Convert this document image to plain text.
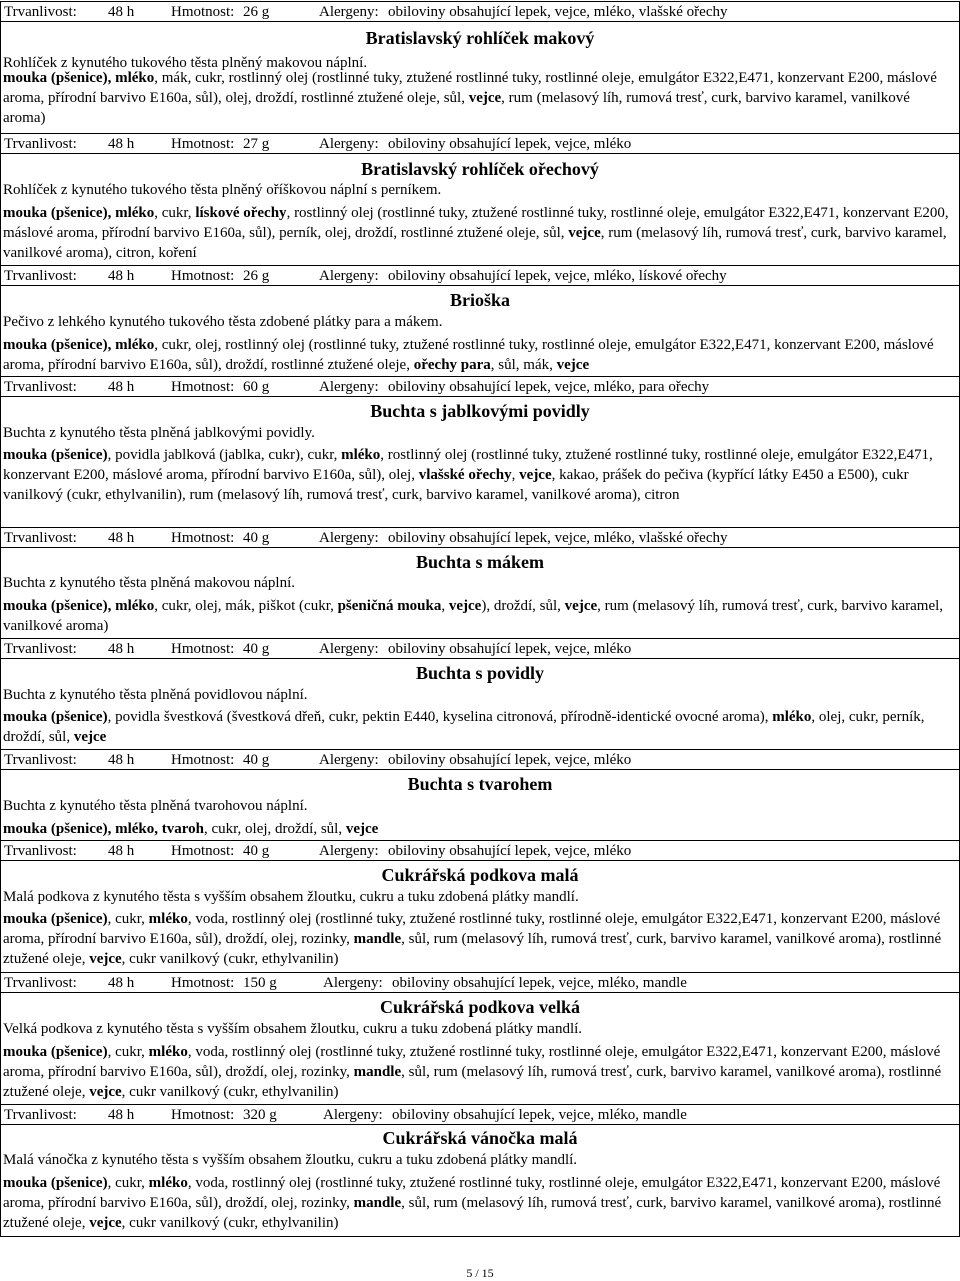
Trvanlivost: 48 h Hmotnost: 26 g	Alergeny: obiloviny obsahující lepek, vejce, mléko, vlašské ořechy
Bratislavský rohlíček makový
Rohlíček z kynutého tukového těsta plněný makovou náplní.
mouka (pšenice), mléko, mák, cukr, rostlinný olej (rostlinné tuky, ztužené rostlinné tuky, rostlinné oleje, emulgátor E322,E471, konzervant E200, máslové aroma, přírodní barvivo E160a, sůl), olej, droždí, rostlinné ztužené oleje, sůl, vejce, rum (melasový líh, rumová tresť, curk, barvivo karamel, vanilkové aroma)
Trvanlivost: 48 h Hmotnost: 27 g	Alergeny: obiloviny obsahující lepek, vejce, mléko
Bratislavský rohlíček ořechový
Rohlíček z kynutého tukového těsta plněný oříškovou náplní s perníkem.
mouka (pšenice), mléko, cukr, lískové ořechy, rostlinný olej (rostlinné tuky, ztužené rostlinné tuky, rostlinné oleje, emulgátor E322,E471, konzervant E200, máslové aroma, přírodní barvivo E160a, sůl), perník, olej, droždí, rostlinné ztužené oleje, sůl, vejce, rum (melasový líh, rumová tresť, curk, barvivo karamel, vanilkové aroma), citron, koření
Trvanlivost: 48 h Hmotnost: 26 g	Alergeny: obiloviny obsahující lepek, vejce, mléko, lískové ořechy
Brioška
Pečivo z lehkého kynutého tukového těsta zdobené plátky para a mákem.
mouka (pšenice), mléko, cukr, olej, rostlinný olej (rostlinné tuky, ztužené rostlinné tuky, rostlinné oleje, emulgátor E322,E471, konzervant E200, máslové aroma, přírodní barvivo E160a, sůl), droždí, rostlinné ztužené oleje, ořechy para, sůl, mák, vejce
Trvanlivost: 48 h Hmotnost: 60 g	Alergeny: obiloviny obsahující lepek, vejce, mléko, para ořechy
Buchta s jablkovými povidly
Buchta z kynutého těsta plněná jablkovými povidly.
mouka (pšenice), povidla jablková (jablka, cukr), cukr, mléko, rostlinný olej (rostlinné tuky, ztužené rostlinné tuky, rostlinné oleje, emulgátor E322,E471, konzervant E200, máslové aroma, přírodní barvivo E160a, sůl), olej, vlašské ořechy, vejce, kakao, prášek do pečiva (kypřící látky E450 a E500), cukr vanilkový (cukr, ethylvanilin), rum (melasový líh, rumová tresť, curk, barvivo karamel, vanilkové aroma), citron
Trvanlivost: 48 h Hmotnost: 40 g	Alergeny: obiloviny obsahující lepek, vejce, mléko, vlašské ořechy
Buchta s mákem
Buchta z kynutého těsta plněná makovou náplní.
mouka (pšenice), mléko, cukr, olej, mák, piškot (cukr, pšeničná mouka, vejce), droždí, sůl, vejce, rum (melasový líh, rumová tresť, curk, barvivo karamel, vanilkové aroma)
Trvanlivost: 48 h Hmotnost: 40 g	Alergeny: obiloviny obsahující lepek, vejce, mléko
Buchta s povidly
Buchta z kynutého těsta plněná povidlovou náplní.
mouka (pšenice), povidla švestková (švestková dřeň, cukr, pektin E440, kyselina citronová, přírodně-identické ovocné aroma), mléko, olej, cukr, perník, droždí, sůl, vejce
Trvanlivost: 48 h Hmotnost: 40 g	Alergeny: obiloviny obsahující lepek, vejce, mléko
Buchta s tvarohem
Buchta z kynutého těsta plněná tvarohovou náplní.
mouka (pšenice), mléko, tvaroh, cukr, olej, droždí, sůl, vejce
Trvanlivost: 48 h Hmotnost: 40 g	Alergeny: obiloviny obsahující lepek, vejce, mléko
Cukrářská podkova malá
Malá podkova z kynutého těsta s vyšším obsahem žloutku, cukru a tuku zdobená plátky mandlí.
mouka (pšenice), cukr, mléko, voda, rostlinný olej (rostlinné tuky, ztužené rostlinné tuky, rostlinné oleje, emulgátor E322,E471, konzervant E200, máslové aroma, přírodní barvivo E160a, sůl), droždí, olej, rozinky, mandle, sůl, rum (melasový líh, rumová tresť, curk, barvivo karamel, vanilkové aroma), rostlinné ztužené oleje, vejce, cukr vanilkový (cukr, ethylvanilin)
Trvanlivost: 48 h Hmotnost: 150 g	Alergeny: obiloviny obsahující lepek, vejce, mléko, mandle
Cukrářská podkova velká
Velká podkova z kynutého těsta s vyšším obsahem žloutku, cukru a tuku zdobená plátky mandlí.
mouka (pšenice), cukr, mléko, voda, rostlinný olej (rostlinné tuky, ztužené rostlinné tuky, rostlinné oleje, emulgátor E322,E471, konzervant E200, máslové aroma, přírodní barvivo E160a, sůl), droždí, olej, rozinky, mandle, sůl, rum (melasový líh, rumová tresť, curk, barvivo karamel, vanilkové aroma), rostlinné ztužené oleje, vejce, cukr vanilkový (cukr, ethylvanilin)
Trvanlivost: 48 h Hmotnost: 320 g	Alergeny: obiloviny obsahující lepek, vejce, mléko, mandle
Cukrářská vánočka malá
Malá vánočka z kynutého těsta s vyšším obsahem žloutku, cukru a tuku zdobená plátky mandlí.
mouka (pšenice), cukr, mléko, voda, rostlinný olej (rostlinné tuky, ztužené rostlinné tuky, rostlinné oleje, emulgátor E322,E471, konzervant E200, máslové aroma, přírodní barvivo E160a, sůl), droždí, olej, rozinky, mandle, sůl, rum (melasový líh, rumová tresť, curk, barvivo karamel, vanilkové aroma), rostlinné ztužené oleje, vejce, cukr vanilkový (cukr, ethylvanilin)
5 / 15
